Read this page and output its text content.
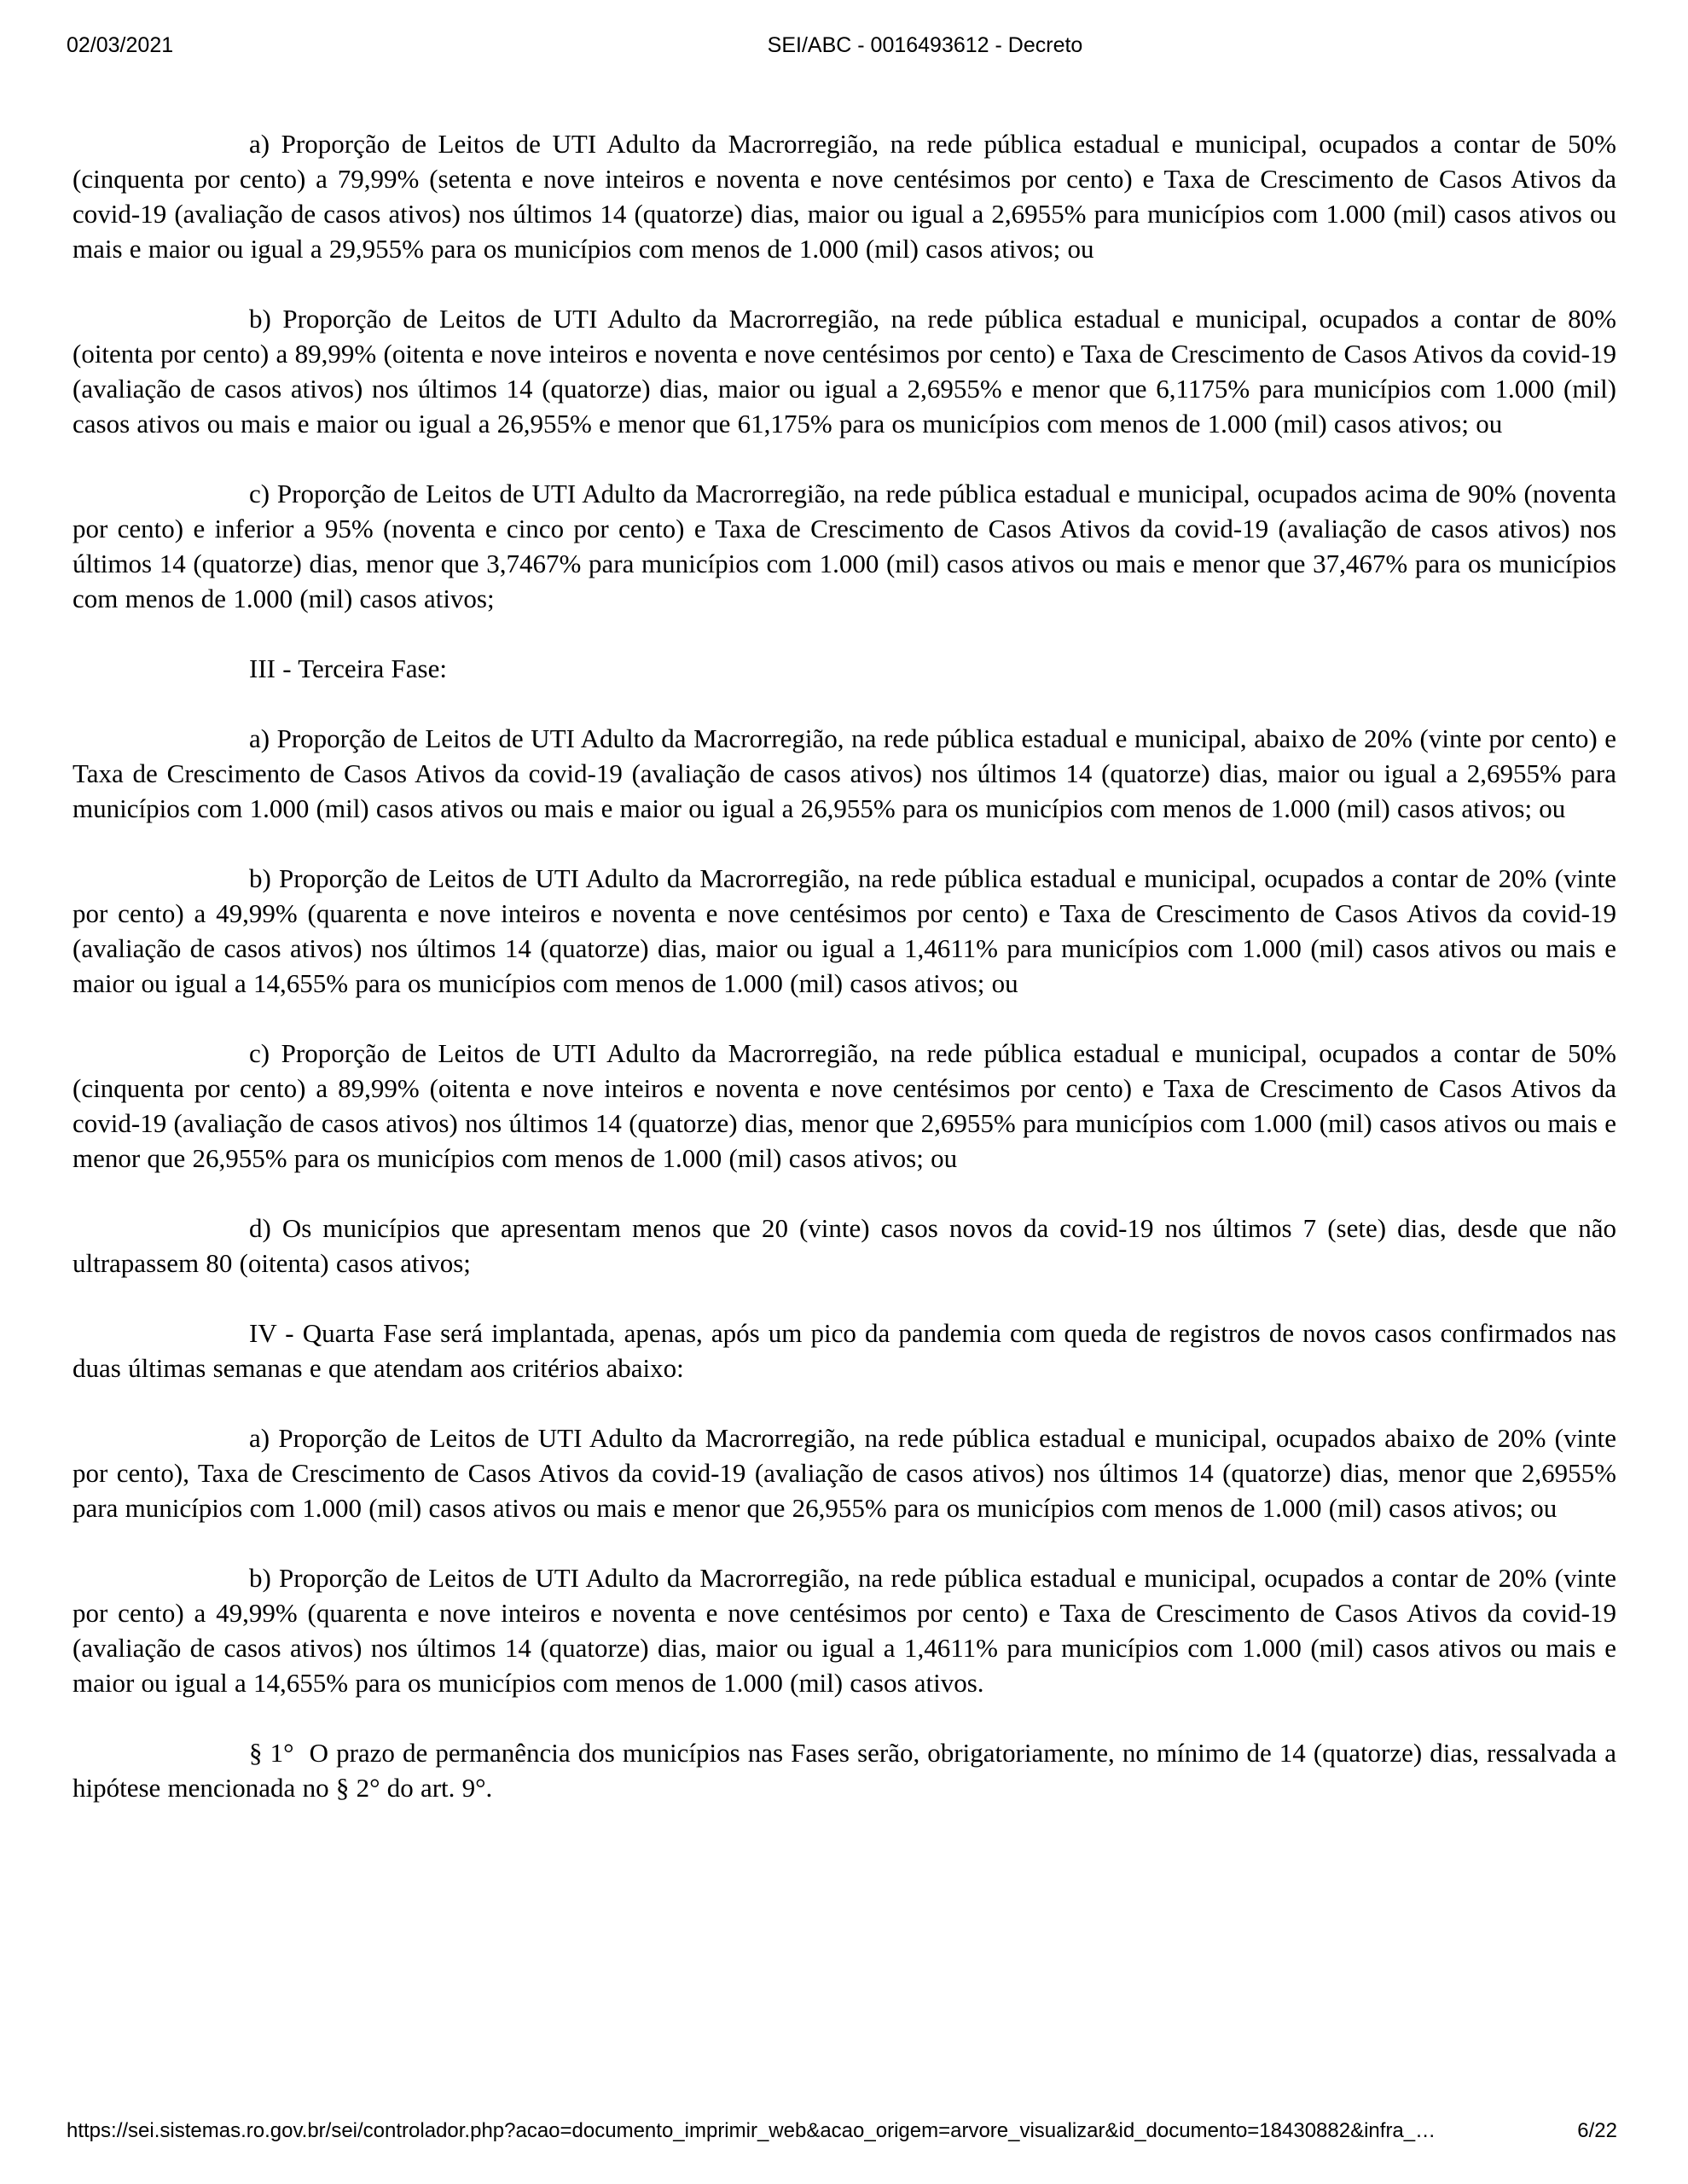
02/03/2021	SEI/ABC - 0016493612 - Decreto

a) Proporção de Leitos de UTI Adulto da Macrorregião, na rede pública estadual e municipal, ocupados a contar de 50% (cinquenta por cento) a 79,99% (setenta e nove inteiros e noventa e nove centésimos por cento) e Taxa de Crescimento de Casos Ativos da covid-19 (avaliação de casos ativos) nos últimos 14 (quatorze) dias, maior ou igual a 2,6955% para municípios com 1.000 (mil) casos ativos ou mais e maior ou igual a 29,955% para os municípios com menos de 1.000 (mil) casos ativos; ou

b) Proporção de Leitos de UTI Adulto da Macrorregião, na rede pública estadual e municipal, ocupados a contar de 80% (oitenta por cento) a 89,99% (oitenta e nove inteiros e noventa e nove centésimos por cento) e Taxa de Crescimento de Casos Ativos da covid-19 (avaliação de casos ativos) nos últimos 14 (quatorze) dias, maior ou igual a 2,6955% e menor que 6,1175% para municípios com 1.000 (mil) casos ativos ou mais e maior ou igual a 26,955% e menor que 61,175% para os municípios com menos de 1.000 (mil) casos ativos; ou

c) Proporção de Leitos de UTI Adulto da Macrorregião, na rede pública estadual e municipal, ocupados acima de 90% (noventa por cento) e inferior a 95% (noventa e cinco por cento) e Taxa de Crescimento de Casos Ativos da covid-19 (avaliação de casos ativos) nos últimos 14 (quatorze) dias, menor que 3,7467% para municípios com 1.000 (mil) casos ativos ou mais e menor que 37,467% para os municípios com menos de 1.000 (mil) casos ativos;

III - Terceira Fase:

a) Proporção de Leitos de UTI Adulto da Macrorregião, na rede pública estadual e municipal, abaixo de 20% (vinte por cento) e Taxa de Crescimento de Casos Ativos da covid-19 (avaliação de casos ativos) nos últimos 14 (quatorze) dias, maior ou igual a 2,6955% para municípios com 1.000 (mil) casos ativos ou mais e maior ou igual a 26,955% para os municípios com menos de 1.000 (mil) casos ativos; ou

b) Proporção de Leitos de UTI Adulto da Macrorregião, na rede pública estadual e municipal, ocupados a contar de 20% (vinte por cento) a 49,99% (quarenta e nove inteiros e noventa e nove centésimos por cento) e Taxa de Crescimento de Casos Ativos da covid-19 (avaliação de casos ativos) nos últimos 14 (quatorze) dias, maior ou igual a 1,4611% para municípios com 1.000 (mil) casos ativos ou mais e maior ou igual a 14,655% para os municípios com menos de 1.000 (mil) casos ativos; ou

c) Proporção de Leitos de UTI Adulto da Macrorregião, na rede pública estadual e municipal, ocupados a contar de 50% (cinquenta por cento) a 89,99% (oitenta e nove inteiros e noventa e nove centésimos por cento) e Taxa de Crescimento de Casos Ativos da covid-19 (avaliação de casos ativos) nos últimos 14 (quatorze) dias, menor que 2,6955% para municípios com 1.000 (mil) casos ativos ou mais e menor que 26,955% para os municípios com menos de 1.000 (mil) casos ativos; ou

d) Os municípios que apresentam menos que 20 (vinte) casos novos da covid-19 nos últimos 7 (sete) dias, desde que não ultrapassem 80 (oitenta) casos ativos;

IV - Quarta Fase será implantada, apenas, após um pico da pandemia com queda de registros de novos casos confirmados nas duas últimas semanas e que atendam aos critérios abaixo:

a) Proporção de Leitos de UTI Adulto da Macrorregião, na rede pública estadual e municipal, ocupados abaixo de 20% (vinte por cento), Taxa de Crescimento de Casos Ativos da covid-19 (avaliação de casos ativos) nos últimos 14 (quatorze) dias, menor que 2,6955% para municípios com 1.000 (mil) casos ativos ou mais e menor que 26,955% para os municípios com menos de 1.000 (mil) casos ativos; ou

b) Proporção de Leitos de UTI Adulto da Macrorregião, na rede pública estadual e municipal, ocupados a contar de 20% (vinte por cento) a 49,99% (quarenta e nove inteiros e noventa e nove centésimos por cento) e Taxa de Crescimento de Casos Ativos da covid-19 (avaliação de casos ativos) nos últimos 14 (quatorze) dias, maior ou igual a 1,4611% para municípios com 1.000 (mil) casos ativos ou mais e maior ou igual a 14,655% para os municípios com menos de 1.000 (mil) casos ativos.

§ 1°  O prazo de permanência dos municípios nas Fases serão, obrigatoriamente, no mínimo de 14 (quatorze) dias, ressalvada a hipótese mencionada no § 2° do art. 9°.

https://sei.sistemas.ro.gov.br/sei/controlador.php?acao=documento_imprimir_web&acao_origem=arvore_visualizar&id_documento=18430882&infra_…	6/22
